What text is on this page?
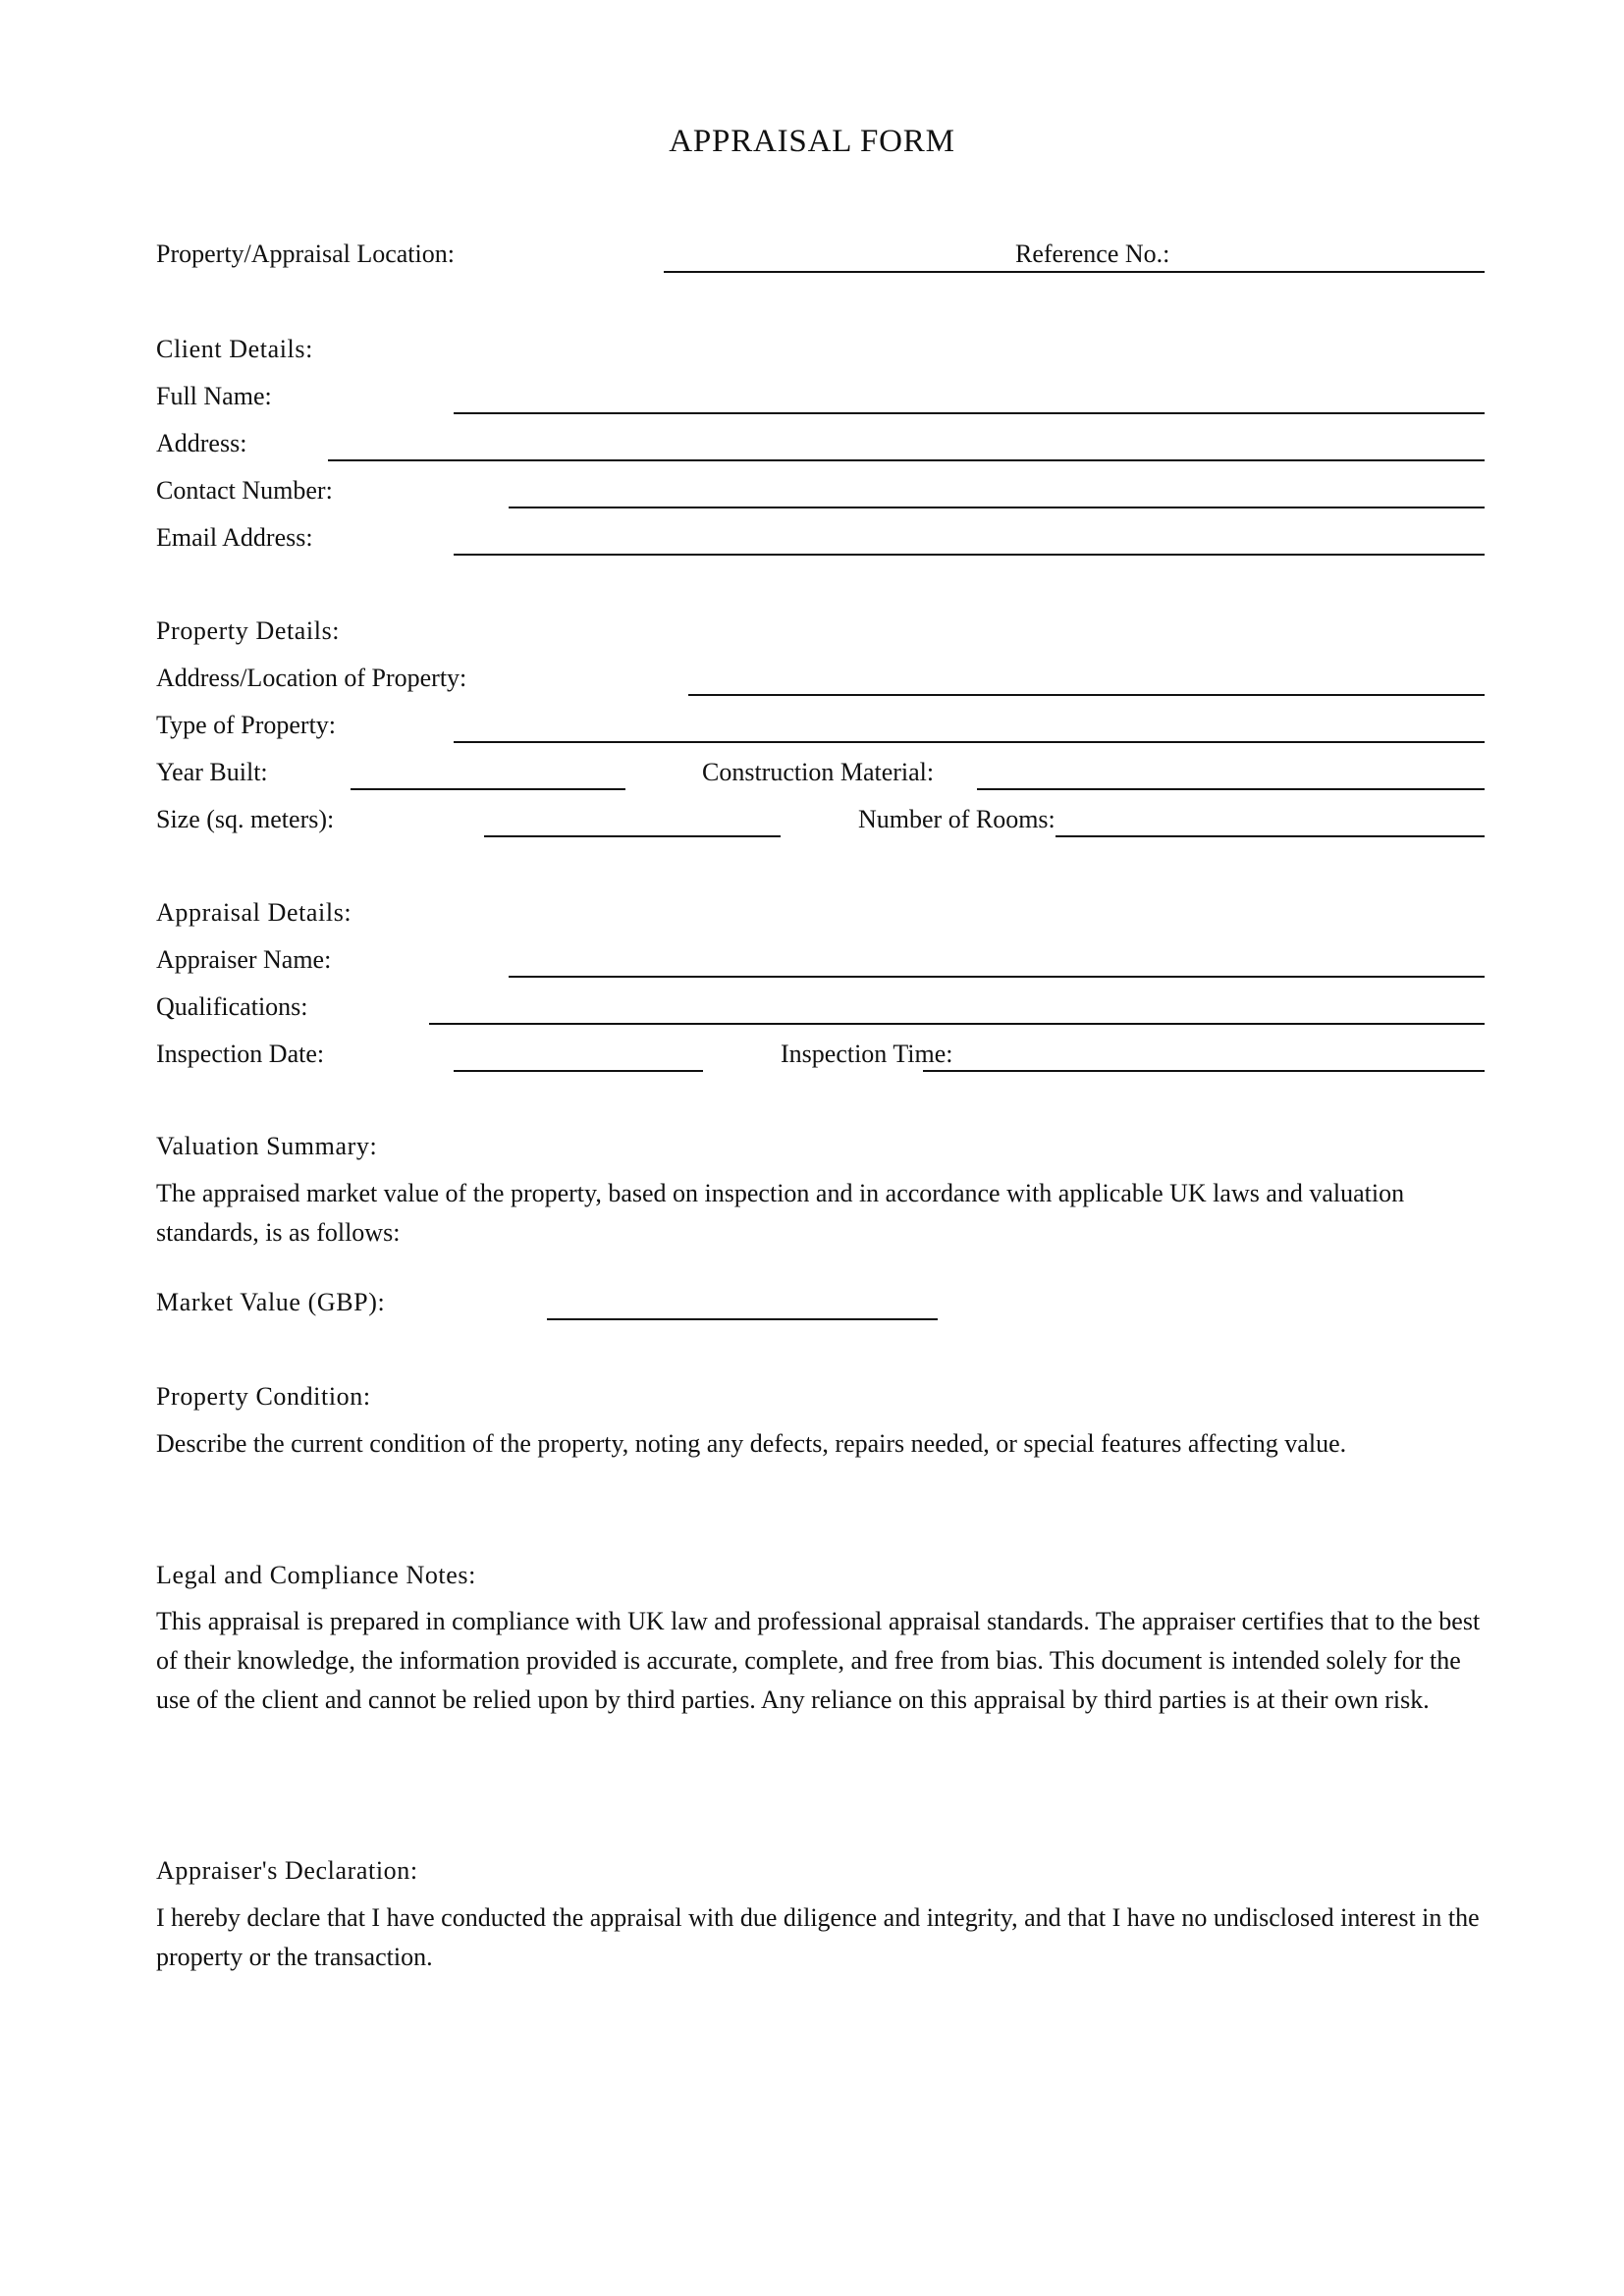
APPRAISAL FORM
Property/Appraisal Location:	Reference No.:
Client Details:
Full Name:
Address:
Contact Number:
Email Address:
Property Details:
Address/Location of Property:
Type of Property:
Year Built:	Construction Material:
Size (sq. meters):	Number of Rooms:
Appraisal Details:
Appraiser Name:
Qualifications:
Inspection Date:	Inspection Time:
Valuation Summary:
The appraised market value of the property, based on inspection and in accordance with applicable UK laws and valuation standards, is as follows:
Market Value (GBP):
Property Condition:
Describe the current condition of the property, noting any defects, repairs needed, or special features affecting value.
Legal and Compliance Notes:
This appraisal is prepared in compliance with UK law and professional appraisal standards. The appraiser certifies that to the best of their knowledge, the information provided is accurate, complete, and free from bias. This document is intended solely for the use of the client and cannot be relied upon by third parties. Any reliance on this appraisal by third parties is at their own risk.
Appraiser's Declaration:
I hereby declare that I have conducted the appraisal with due diligence and integrity, and that I have no undisclosed interest in the property or the transaction.
